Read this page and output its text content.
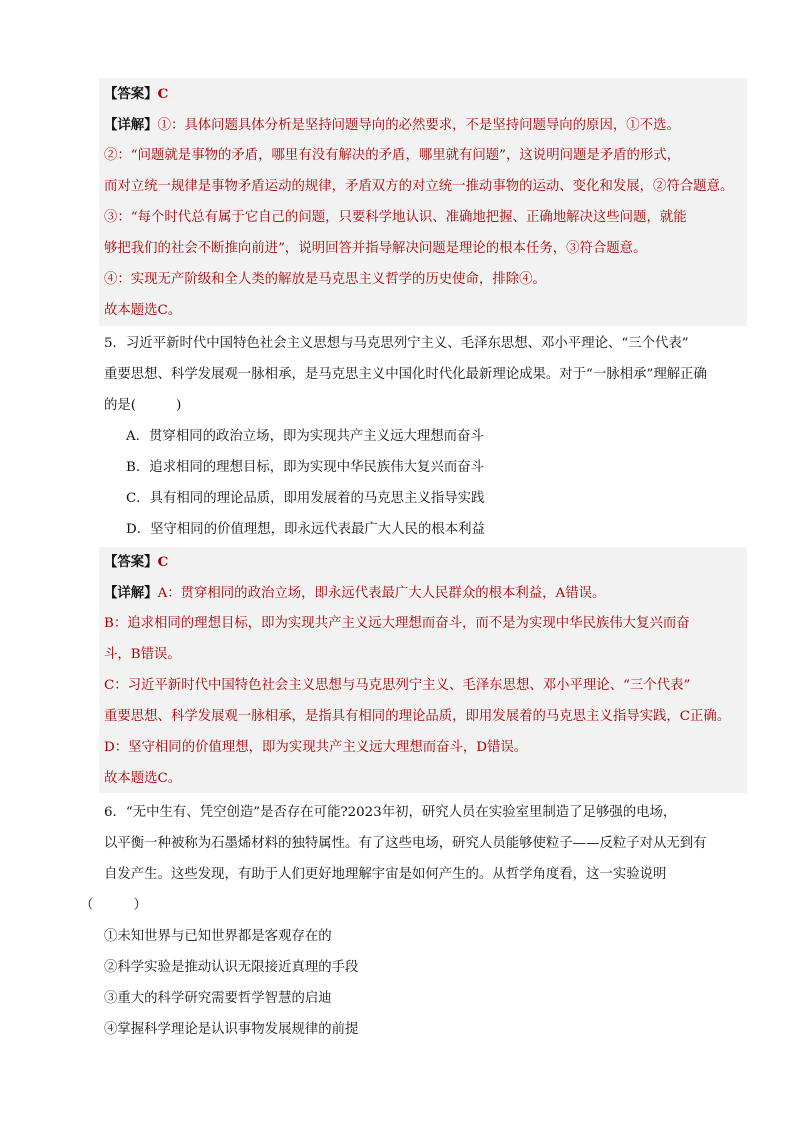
【答案】C
【详解】①：具体问题具体分析是坚持问题导向的必然要求，不是坚持问题导向的原因，①不选。
②：“问题就是事物的矛盾，哪里有没有解决的矛盾，哪里就有问题”，这说明问题是矛盾的形式，
而对立统一规律是事物矛盾运动的规律，矛盾双方的对立统一推动事物的运动、变化和发展，②符合题意。
③：“每个时代总有属于它自己的问题，只要科学地认识、准确地把握、正确地解决这些问题，就能
够把我们的社会不断推向前进”，说明回答并指导解决问题是理论的根本任务，③符合题意。
④：实现无产阶级和全人类的解放是马克思主义哲学的历史使命，排除④。
故本题选C。
5．习近平新时代中国特色社会主义思想与马克思列宁主义、毛泽东思想、邓小平理论、“三个代表”
重要思想、科学发展观一脉相承，是马克思主义中国化时代化最新理论成果。对于“一脉相承”理解正确
的是(　　　)
A．贯穿相同的政治立场，即为实现共产主义远大理想而奋斗
B．追求相同的理想目标，即为实现中华民族伟大复兴而奋斗
C．具有相同的理论品质，即用发展着的马克思主义指导实践
D．坚守相同的价值理想，即永远代表最广大人民的根本利益
【答案】C
【详解】A：贯穿相同的政治立场，即永远代表最广大人民群众的根本利益，A错误。
B：追求相同的理想目标，即为实现共产主义远大理想而奋斗，而不是为实现中华民族伟大复兴而奋
斗，B错误。
C：习近平新时代中国特色社会主义思想与马克思列宁主义、毛泽东思想、邓小平理论、“三个代表”
重要思想、科学发展观一脉相承，是指具有相同的理论品质，即用发展着的马克思主义指导实践，C正确。
D：坚守相同的价值理想，即为实现共产主义远大理想而奋斗，D错误。
故本题选C。
6．“无中生有、凭空创造”是否存在可能?2023年初，研究人员在实验室里制造了足够强的电场，
以平衡一种被称为石墨烯材料的独特属性。有了这些电场，研究人员能够使粒子——反粒子对从无到有
自发产生。这些发现，有助于人们更好地理解宇宙是如何产生的。从哲学角度看，这一实验说明
（　　　）
①未知世界与已知世界都是客观存在的
②科学实验是推动认识无限接近真理的手段
③重大的科学研究需要哲学智慧的启迪
④掌握科学理论是认识事物发展规律的前提
